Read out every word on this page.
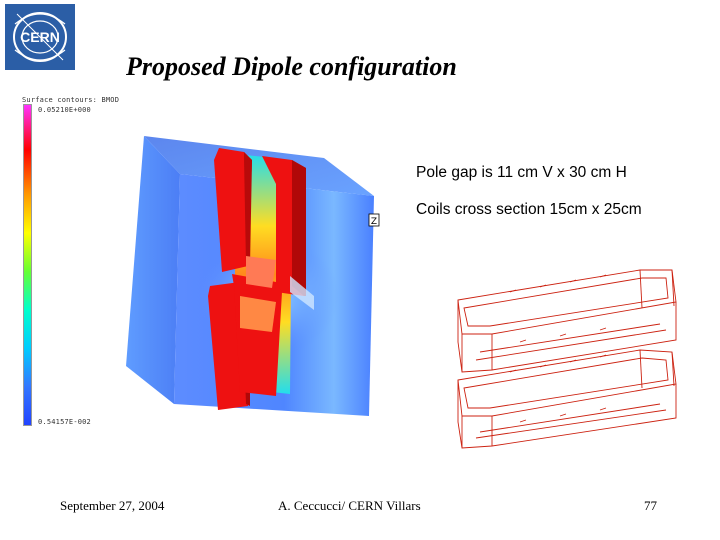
CERN
Proposed Dipole configuration
Surface contours: BMOD
0.05210E+000
0.54157E-002
Z
Pole gap is 11 cm V x 30 cm H
Coils cross section 15cm x 25cm
September 27, 2004	A. Ceccucci/ CERN Villars	77
